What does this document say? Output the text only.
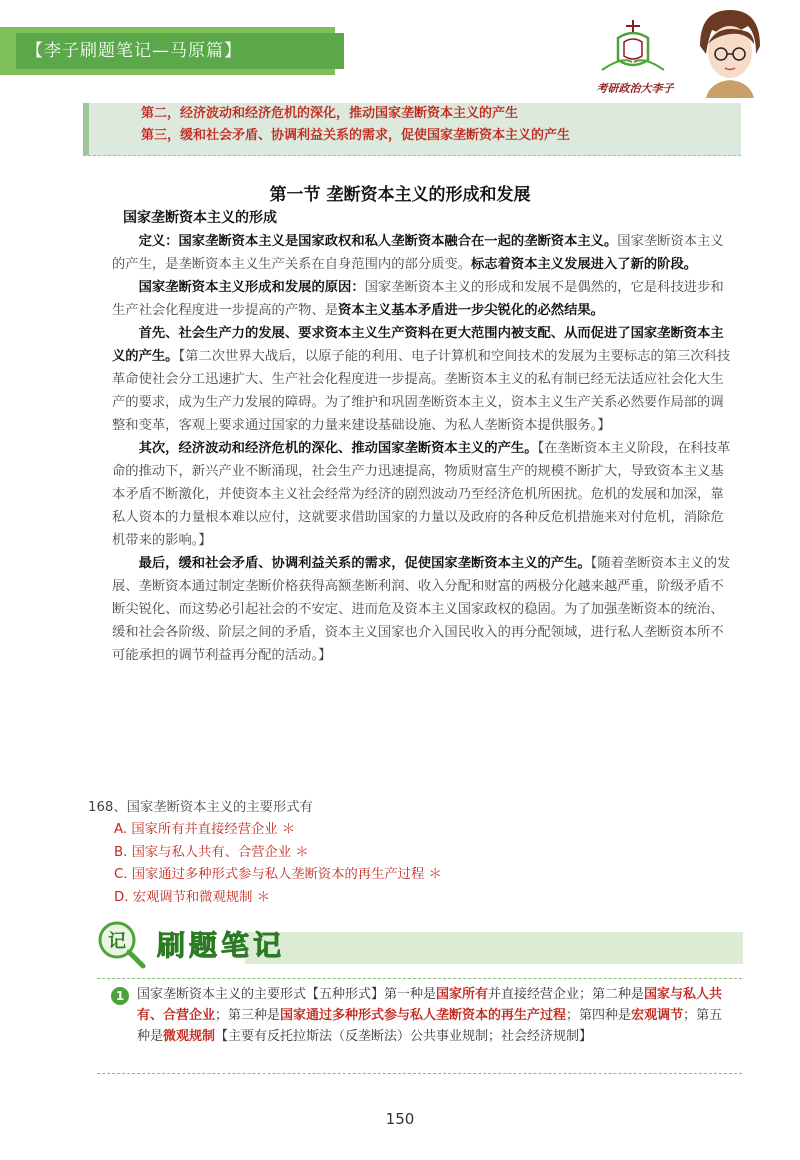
【李子刷题笔记—马原篇】
考研政治大李子
第二，经济波动和经济危机的深化，推动国家垄断资本主义的产生
第三，缓和社会矛盾、协调利益关系的需求，促使国家垄断资本主义的产生
第一节 垄断资本主义的形成和发展
国家垄断资本主义的形成

定义：国家垄断资本主义是国家政权和私人垄断资本融合在一起的垄断资本主义。国家垄断资本主义的产生，是垄断资本主义生产关系在自身范围内的部分质变。标志着资本主义发展进入了新的阶段。

国家垄断资本主义形成和发展的原因：国家垄断资本主义的形成和发展不是偶然的，它是科技进步和生产社会化程度进一步提高的产物、是资本主义基本矛盾进一步尖锐化的必然结果。

首先、社会生产力的发展、要求资本主义生产资料在更大范围内被支配、从而促进了国家垄断资本主义的产生。【第二次世界大战后，以原子能的利用、电子计算机和空间技术的发展为主要标志的第三次科技革命使社会分工迅速扩大、生产社会化程度进一步提高。垄断资本主义的私有制已经无法适应社会化大生产的要求，成为生产力发展的障碍。为了维护和巩固垄断资本主义，资本主义生产关系必然要作局部的调整和变革，客观上要求通过国家的力量来建设基础设施、为私人垄断资本提供服务。】

其次，经济波动和经济危机的深化、推动国家垄断资本主义的产生。【在垄断资本主义阶段，在科技革命的推动下，新兴产业不断涌现，社会生产力迅速提高，物质财富生产的规模不断扩大，导致资本主义基本矛盾不断激化，并使资本主义社会经常为经济的剧烈波动乃至经济危机所困扰。危机的发展和加深，靠私人资本的力量根本难以应付，这就要求借助国家的力量以及政府的各种反危机措施来对付危机，消除危机带来的影响。】

最后，缓和社会矛盾、协调利益关系的需求，促使国家垄断资本主义的产生。【随着垄断资本主义的发展、垄断资本通过制定垄断价格获得高额垄断利润、收入分配和财富的两极分化越来越严重，阶级矛盾不断尖锐化、而这势必引起社会的不安定、进而危及资本主义国家政权的稳固。为了加强垄断资本的统治、缓和社会各阶级、阶层之间的矛盾，资本主义国家也介入国民收入的再分配领域，进行私人垄断资本所不可能承担的调节利益再分配的活动。】

168、国家垄断资本主义的主要形式有
A. 国家所有并直接经营企业 ＊
B. 国家与私人共有、合营企业 ＊
C. 国家通过多种形式参与私人垄断资本的再生产过程 ＊
D. 宏观调节和微观规制 ＊
记 刷题笔记
1 国家垄断资本主义的主要形式【五种形式】第一种是国家所有并直接经营企业；第二种是国家与私人共有、合营企业；第三种是国家通过多种形式参与私人垄断资本的再生产过程；第四种是宏观调节；第五种是微观规制【主要有反托拉斯法（反垄断法）公共事业规制；社会经济规制】
150
